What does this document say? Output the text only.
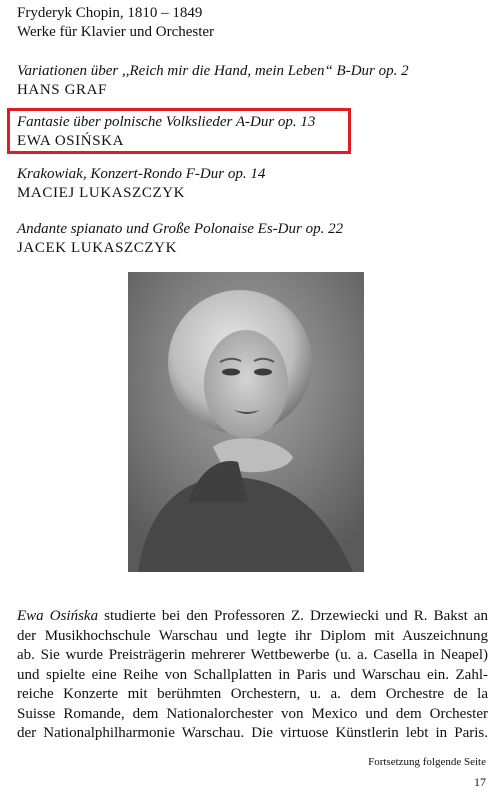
Fryderyk Chopin, 1810 – 1849
Werke für Klavier und Orchester
Variationen über ,,Reich mir die Hand, mein Leben“ B-Dur op. 2
HANS GRAF
Fantasie über polnische Volkslieder A-Dur op. 13
EWA OSIŃSKA
Krakowiak, Konzert-Rondo F-Dur op. 14
MACIEJ LUKASZCZYK
Andante spianato und Große Polonaise Es-Dur op. 22
JACEK LUKASZCZYK
Ewa Osińska studierte bei den Professoren Z. Drzewiecki und R. Bakst an
der Musikhochschule Warschau und legte ihr Diplom mit Auszeichnung
ab. Sie wurde Preisträgerin mehrerer Wettbewerbe (u. a. Casella in Neapel)
und spielte eine Reihe von Schallplatten in Paris und Warschau ein. Zahl-
reiche Konzerte mit berühmten Orchestern, u. a. dem Orchestre de la
Suisse Romande, dem Nationalorchester von Mexico und dem Orchester
der Nationalphilharmonie Warschau. Die virtuose Künstlerin lebt in Paris.
Fortsetzung folgende Seite
17
